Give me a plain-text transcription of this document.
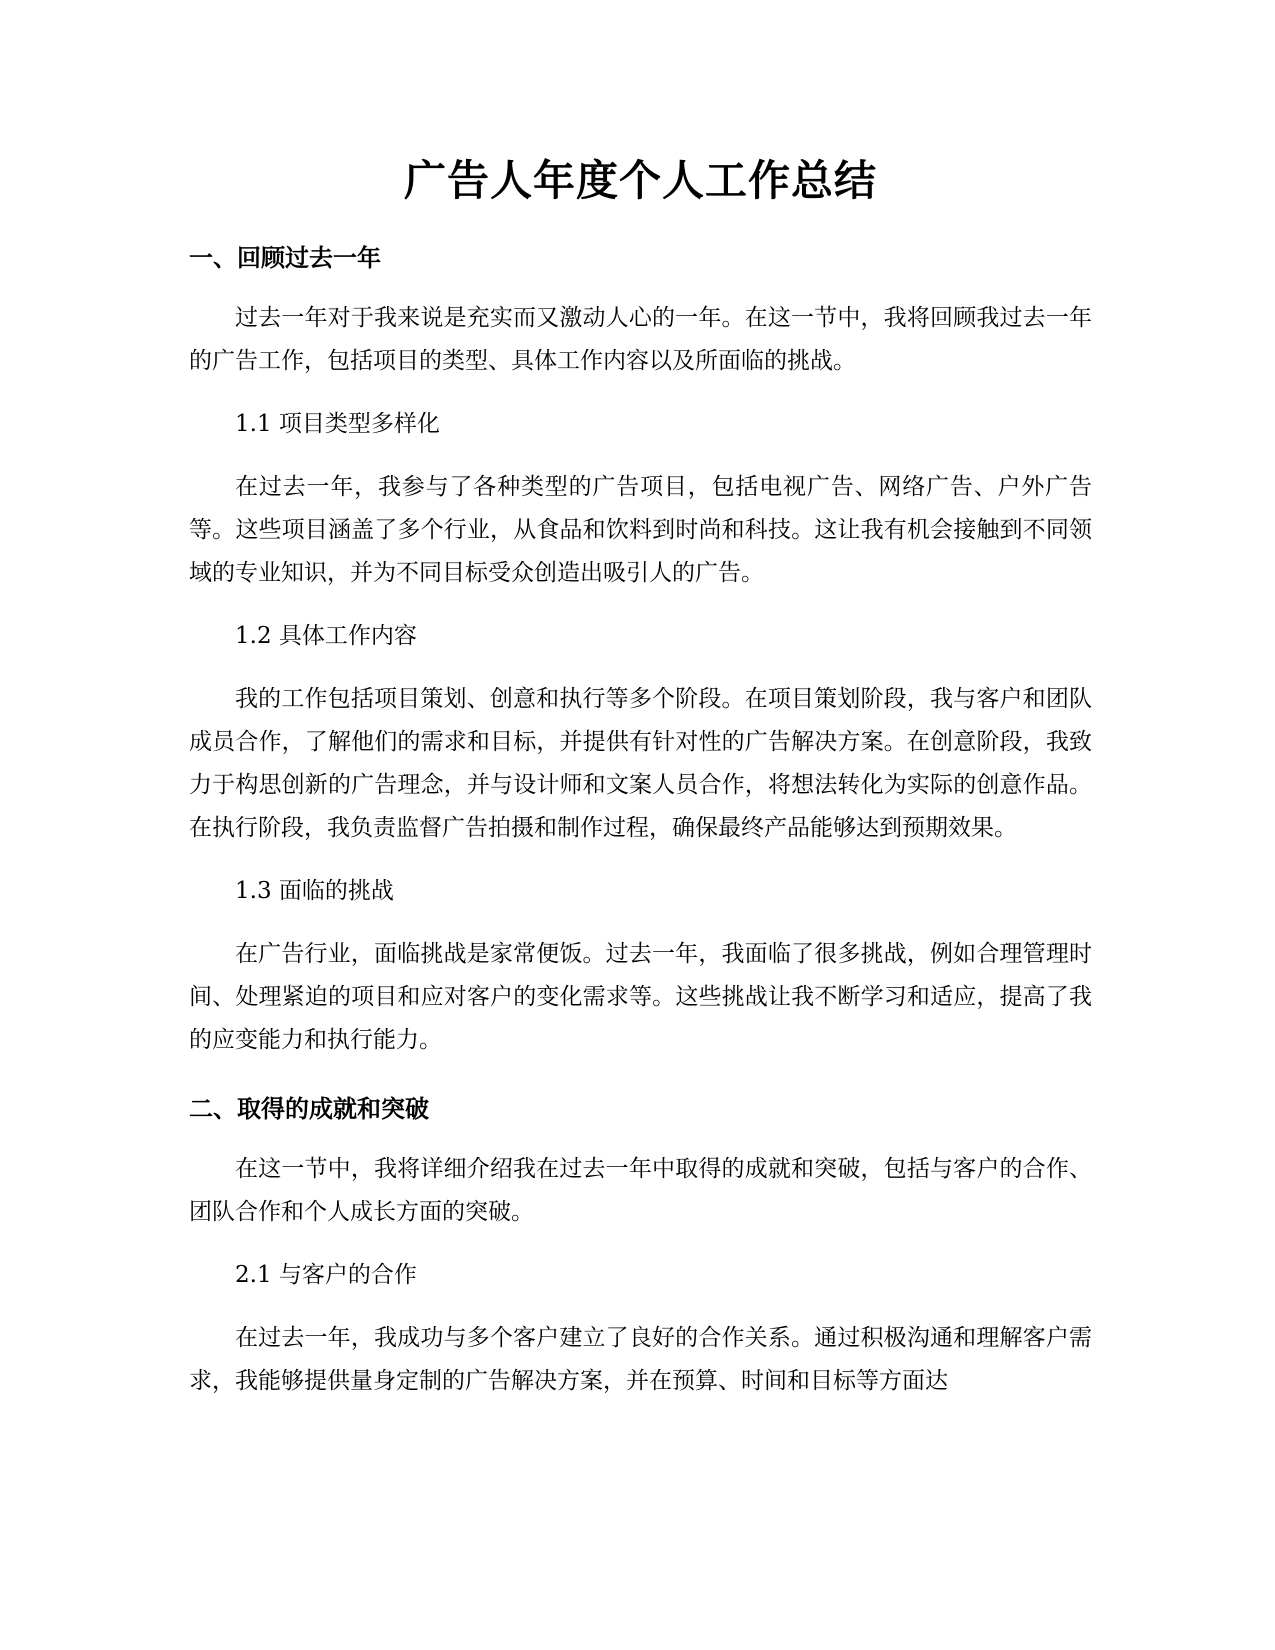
广告人年度个人工作总结
一、回顾过去一年

过去一年对于我来说是充实而又激动人心的一年。在这一节中，我将回顾我过去一年的广告工作，包括项目的类型、具体工作内容以及所面临的挑战。

1.1 项目类型多样化

在过去一年，我参与了各种类型的广告项目，包括电视广告、网络广告、户外广告等。这些项目涵盖了多个行业，从食品和饮料到时尚和科技。这让我有机会接触到不同领域的专业知识，并为不同目标受众创造出吸引人的广告。

1.2 具体工作内容

我的工作包括项目策划、创意和执行等多个阶段。在项目策划阶段，我与客户和团队成员合作，了解他们的需求和目标，并提供有针对性的广告解决方案。在创意阶段，我致力于构思创新的广告理念，并与设计师和文案人员合作，将想法转化为实际的创意作品。在执行阶段，我负责监督广告拍摄和制作过程，确保最终产品能够达到预期效果。

1.3 面临的挑战

在广告行业，面临挑战是家常便饭。过去一年，我面临了很多挑战，例如合理管理时间、处理紧迫的项目和应对客户的变化需求等。这些挑战让我不断学习和适应，提高了我的应变能力和执行能力。

二、取得的成就和突破

在这一节中，我将详细介绍我在过去一年中取得的成就和突破，包括与客户的合作、团队合作和个人成长方面的突破。

2.1 与客户的合作

在过去一年，我成功与多个客户建立了良好的合作关系。通过积极沟通和理解客户需求，我能够提供量身定制的广告解决方案，并在预算、时间和目标等方面达
